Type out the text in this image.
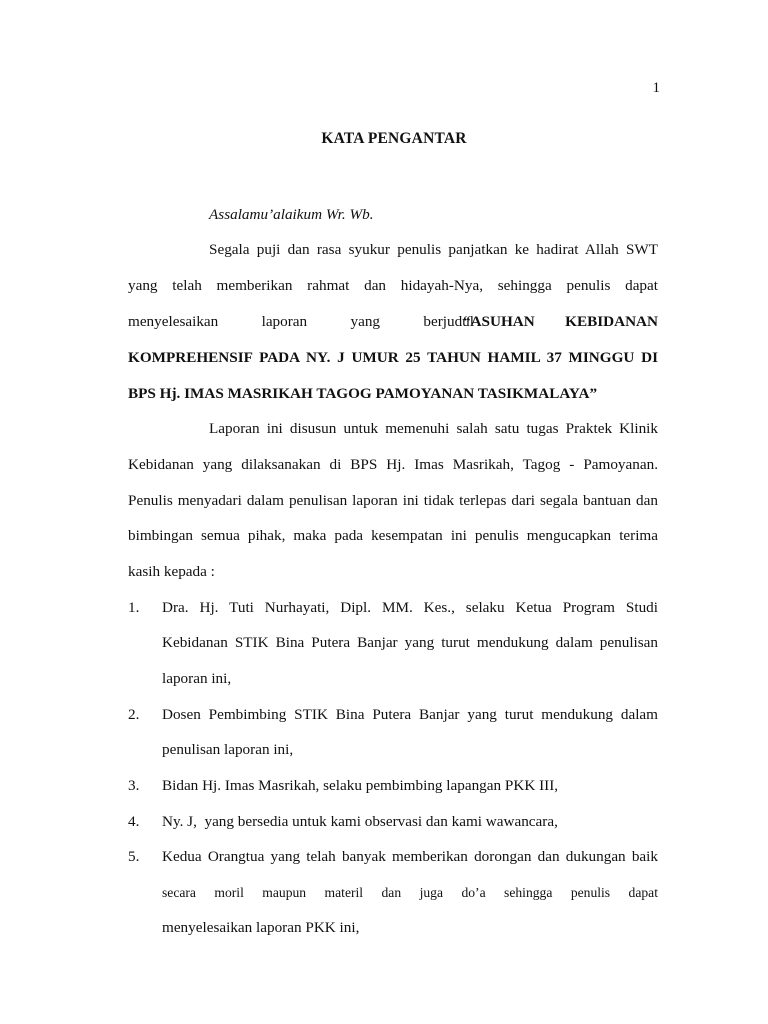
1
KATA PENGANTAR
Assalamu’alaikum Wr. Wb.
Segala puji dan rasa syukur penulis panjatkan ke hadirat Allah SWT
yang telah memberikan rahmat dan hidayah-Nya, sehingga penulis dapat
menyelesaikan laporan yang berjudul
“ASUHAN KEBIDANAN
KOMPREHENSIF PADA NY. J UMUR 25 TAHUN HAMIL 37 MINGGU DI
BPS Hj. IMAS MASRIKAH TAGOG PAMOYANAN TASIKMALAYA”
Laporan ini disusun untuk memenuhi salah satu tugas Praktek Klinik
Kebidanan yang dilaksanakan di BPS Hj. Imas Masrikah, Tagog - Pamoyanan.
Penulis menyadari dalam penulisan laporan ini tidak terlepas dari segala bantuan dan
bimbingan semua pihak, maka pada kesempatan ini penulis mengucapkan terima
kasih kepada :
1.	Dra. Hj. Tuti Nurhayati, Dipl. MM. Kes., selaku Ketua Program Studi
Kebidanan STIK Bina Putera Banjar yang turut mendukung dalam penulisan
laporan ini,
2.	Dosen Pembimbing STIK Bina Putera Banjar yang turut mendukung dalam
penulisan laporan ini,
3.	Bidan Hj. Imas Masrikah, selaku pembimbing lapangan PKK III,
4.	Ny. J,  yang bersedia untuk kami observasi dan kami wawancara,
5.	Kedua Orangtua yang telah banyak memberikan dorongan dan dukungan baik
secara moril maupun materil dan juga do’a sehingga penulis dapat
menyelesaikan laporan PKK ini,
